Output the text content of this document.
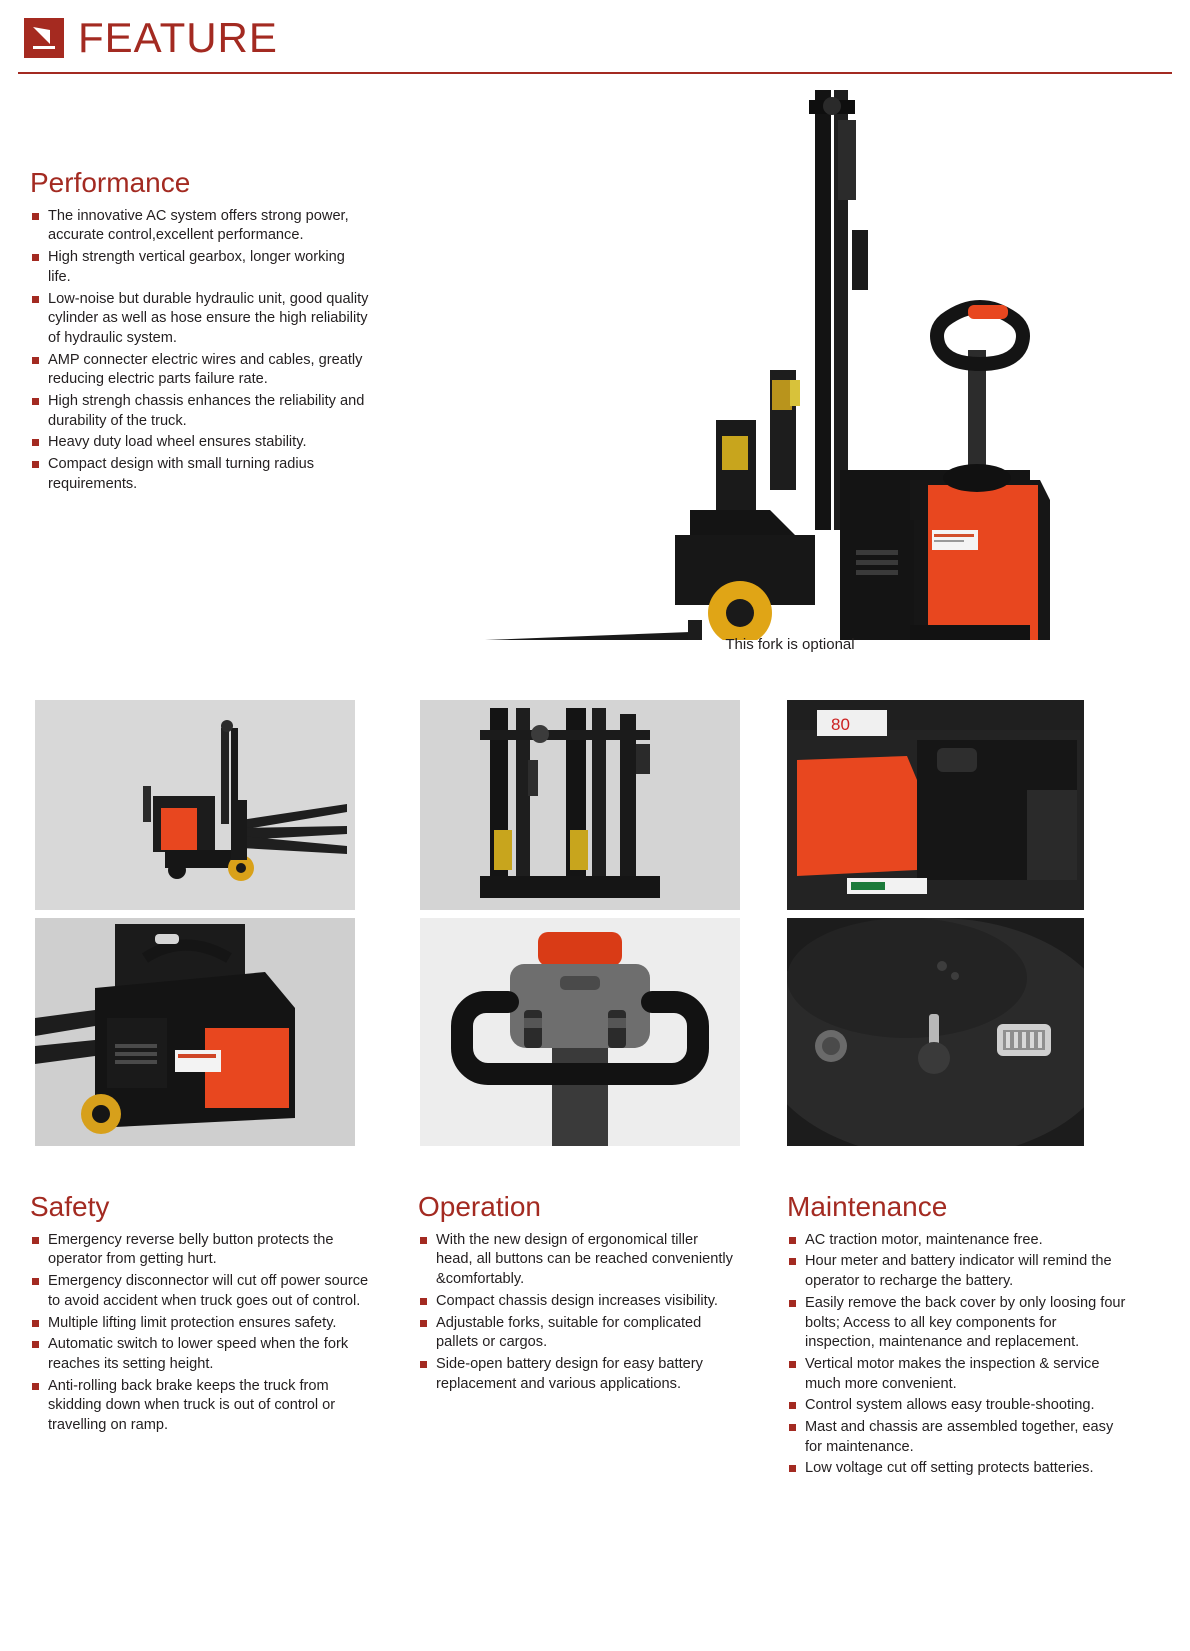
FEATURE
Performance
The innovative AC system offers strong power, accurate control,excellent performance.
High strength vertical gearbox, longer working life.
Low-noise but durable hydraulic unit, good quality cylinder as well as hose ensure the high reliability of hydraulic system.
AMP connecter electric wires and cables, greatly reducing electric parts failure rate.
High strengh chassis enhances the reliability and durability of the truck.
Heavy duty load wheel ensures stability.
Compact design with small turning radius requirements.
This fork is optional
80
Safety
Emergency reverse belly button protects the operator from getting hurt.
Emergency disconnector will cut off power source to avoid accident when truck goes out of control.
Multiple lifting limit protection ensures safety.
Automatic switch to lower speed when the fork reaches its setting height.
Anti-rolling back brake keeps the truck from skidding down when truck is out of control or travelling on ramp.
Operation
With the new design of ergonomical tiller head, all buttons can be reached conveniently &comfortably.
Compact chassis design increases visibility.
Adjustable forks, suitable for complicated pallets or cargos.
Side-open battery design for easy battery replacement and various applications.
Maintenance
AC traction motor, maintenance free.
Hour meter and battery indicator will remind the operator to recharge the battery.
Easily remove the back cover by only loosing four bolts; Access to all key components for inspection, maintenance and replacement.
Vertical motor makes the inspection & service much more convenient.
Control system allows easy trouble-shooting.
Mast and chassis are assembled together, easy for maintenance.
Low voltage cut off setting protects batteries.
